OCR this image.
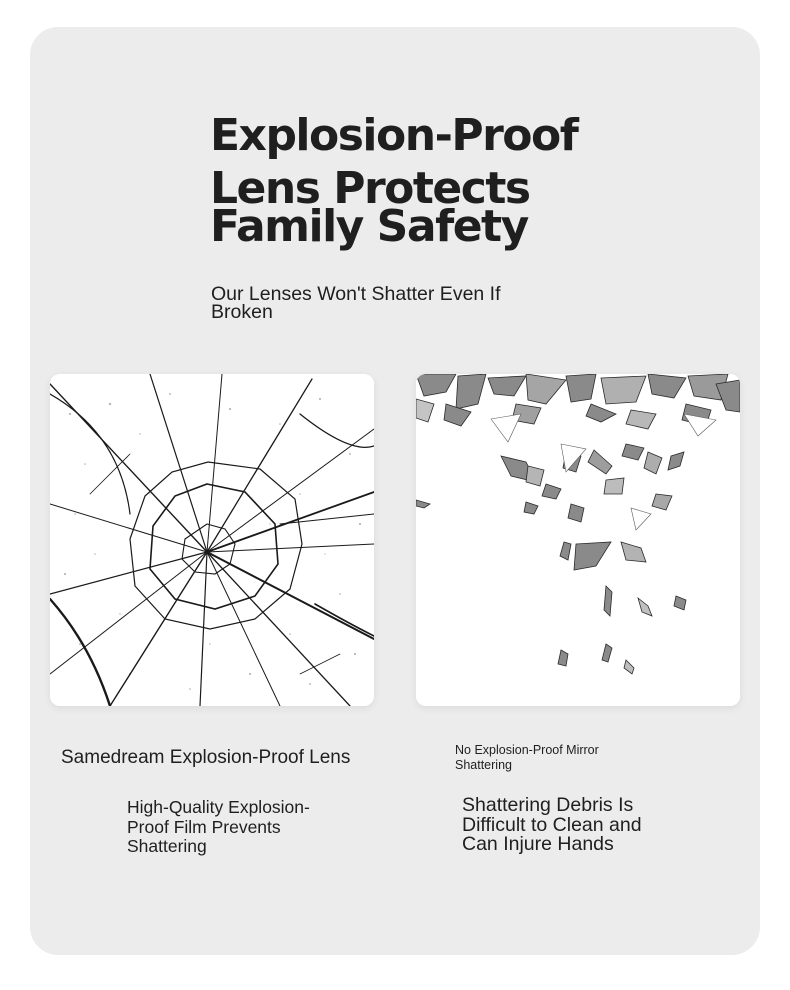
Explosion-Proof
Lens Protects
Family Safety

Our Lenses Won't Shatter Even If Broken

Samedream Explosion-Proof Lens

High-Quality Explosion-Proof Film Prevents Shattering

No Explosion-Proof Mirror Shattering

Shattering Debris Is Difficult to Clean and Can Injure Hands
